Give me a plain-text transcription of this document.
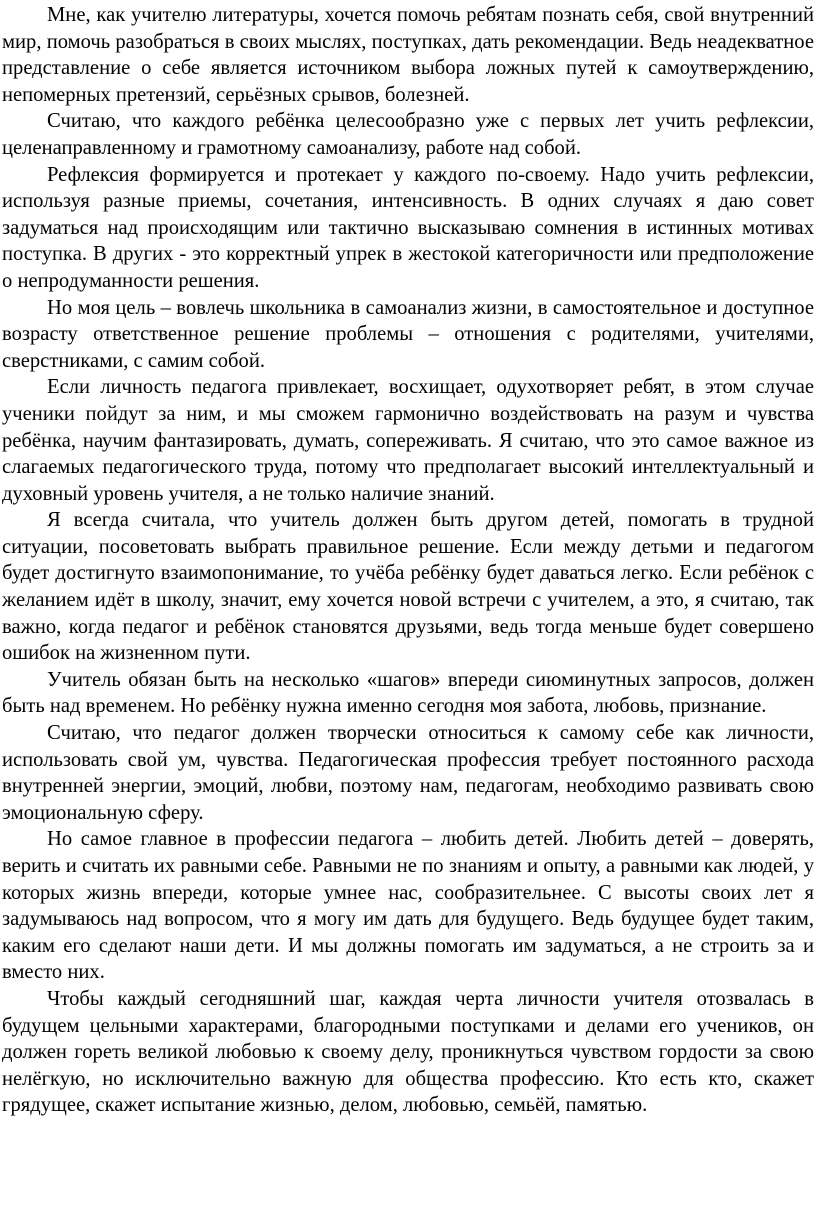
Мне, как учителю литературы, хочется помочь ребятам познать себя, свой внутренний мир, помочь разобраться в своих мыслях, поступках, дать рекомендации. Ведь неадекватное представление о себе является источником выбора ложных путей к самоутверждению, непомерных претензий, серьёзных срывов, болезней.

Считаю, что каждого ребёнка целесообразно уже с первых лет учить рефлексии, целенаправленному и грамотному самоанализу, работе над собой.

Рефлексия формируется и протекает у каждого по-своему. Надо учить рефлексии, используя разные приемы, сочетания, интенсивность. В одних случаях я даю совет задуматься над происходящим или тактично высказываю сомнения в истинных мотивах поступка. В других - это корректный упрек в жестокой категоричности или предположение о непродуманности решения.

Но моя цель – вовлечь школьника в самоанализ жизни, в самостоятельное и доступное возрасту ответственное решение проблемы – отношения с родителями, учителями, сверстниками, с самим собой.

Если личность педагога привлекает, восхищает, одухотворяет ребят, в этом случае ученики пойдут за ним, и мы сможем гармонично воздействовать на разум и чувства ребёнка, научим фантазировать, думать, сопереживать. Я считаю, что это самое важное из слагаемых педагогического труда, потому что предполагает высокий интеллектуальный и духовный уровень учителя, а не только наличие знаний.

Я всегда считала, что учитель должен быть другом детей, помогать в трудной ситуации, посоветовать выбрать правильное решение. Если между детьми и педагогом будет достигнуто взаимопонимание, то учёба ребёнку будет даваться легко. Если ребёнок с желанием идёт в школу, значит, ему хочется новой встречи с учителем, а это, я считаю, так важно, когда педагог и ребёнок становятся друзьями, ведь тогда меньше будет совершено ошибок на жизненном пути.

Учитель обязан быть на несколько «шагов» впереди сиюминутных запросов, должен быть над временем. Но ребёнку нужна именно сегодня моя забота, любовь, признание.

Считаю, что педагог должен творчески относиться к самому себе как личности, использовать свой ум, чувства. Педагогическая профессия требует постоянного расхода внутренней энергии, эмоций, любви, поэтому нам, педагогам, необходимо развивать свою эмоциональную сферу.

Но самое главное в профессии педагога – любить детей. Любить детей – доверять, верить и считать их равными себе. Равными не по знаниям и опыту, а равными как людей, у которых жизнь впереди, которые умнее нас, сообразительнее. С высоты своих лет я задумываюсь над вопросом, что я могу им дать для будущего. Ведь будущее будет таким, каким его сделают наши дети. И мы должны помогать им задуматься, а не строить за и вместо них.

Чтобы каждый сегодняшний шаг, каждая черта личности учителя отозвалась в будущем цельными характерами, благородными поступками и делами его учеников, он должен гореть великой любовью к своему делу, проникнуться чувством гордости за свою нелёгкую, но исключительно важную для общества профессию. Кто есть кто, скажет грядущее, скажет испытание жизнью, делом, любовью, семьёй, памятью.
